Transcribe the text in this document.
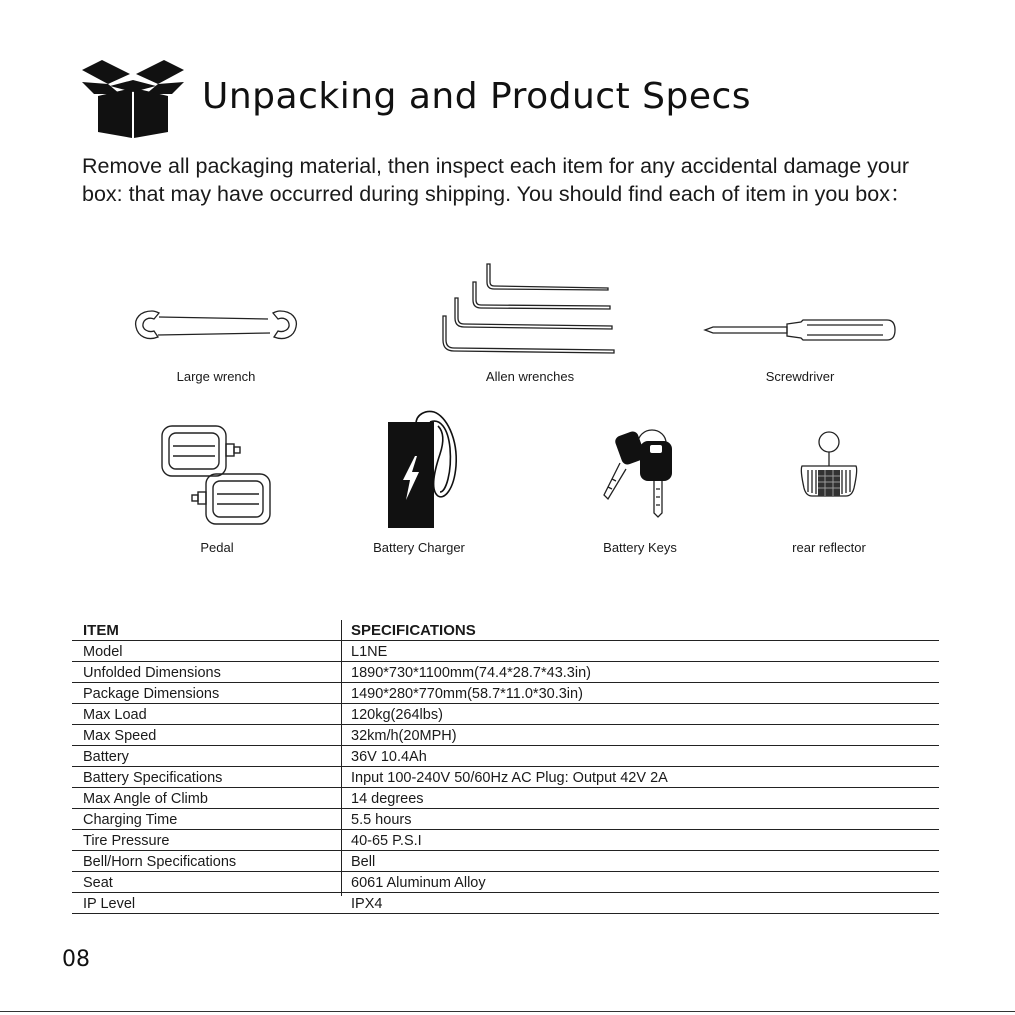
Unpacking and Product Specs
Remove all packaging material, then inspect each item for any accidental damage your box: that may have occurred during shipping. You should find each of item in you box：
Large wrench	Allen wrenches	Screwdriver
Pedal	Battery Charger	Battery Keys	rear reflector
ITEM	SPECIFICATIONS
Model	L1NE
Unfolded Dimensions	1890*730*1100mm(74.4*28.7*43.3in)
Package Dimensions	1490*280*770mm(58.7*11.0*30.3in)
Max Load	120kg(264lbs)
Max Speed	32km/h(20MPH)
Battery	36V 10.4Ah
Battery Specifications	Input 100-240V 50/60Hz AC Plug: Output 42V 2A
Max Angle of Climb	14 degrees
Charging Time	5.5 hours
Tire Pressure	40-65 P.S.I
Bell/Horn Specifications	Bell
Seat	6061 Aluminum Alloy
IP Level	IPX4
08
